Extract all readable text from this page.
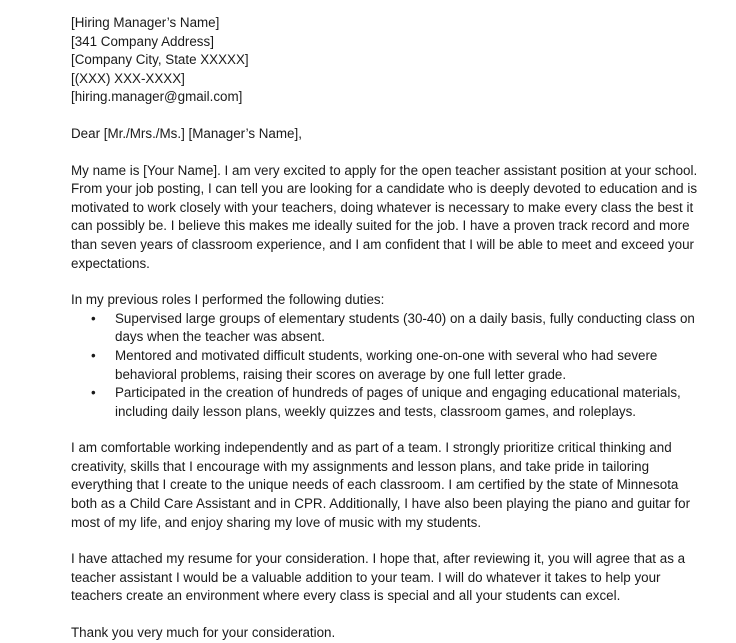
[Hiring Manager’s Name]
[341 Company Address]
[Company City, State XXXXX]
[(XXX) XXX-XXXX]
[hiring.manager@gmail.com]
Dear [Mr./Mrs./Ms.] [Manager’s Name],

My name is [Your Name]. I am very excited to apply for the open teacher assistant position at your school. From your job posting, I can tell you are looking for a candidate who is deeply devoted to education and is motivated to work closely with your teachers, doing whatever is necessary to make every class the best it can possibly be. I believe this makes me ideally suited for the job. I have a proven track record and more than seven years of classroom experience, and I am confident that I will be able to meet and exceed your expectations.

In my previous roles I performed the following duties:
• Supervised large groups of elementary students (30-40) on a daily basis, fully conducting class on days when the teacher was absent.
• Mentored and motivated difficult students, working one-on-one with several who had severe behavioral problems, raising their scores on average by one full letter grade.
• Participated in the creation of hundreds of pages of unique and engaging educational materials, including daily lesson plans, weekly quizzes and tests, classroom games, and roleplays.

I am comfortable working independently and as part of a team. I strongly prioritize critical thinking and creativity, skills that I encourage with my assignments and lesson plans, and take pride in tailoring everything that I create to the unique needs of each classroom. I am certified by the state of Minnesota both as a Child Care Assistant and in CPR. Additionally, I have also been playing the piano and guitar for most of my life, and enjoy sharing my love of music with my students.

I have attached my resume for your consideration. I hope that, after reviewing it, you will agree that as a teacher assistant I would be a valuable addition to your team. I will do whatever it takes to help your teachers create an environment where every class is special and all your students can excel.

Thank you very much for your consideration.
